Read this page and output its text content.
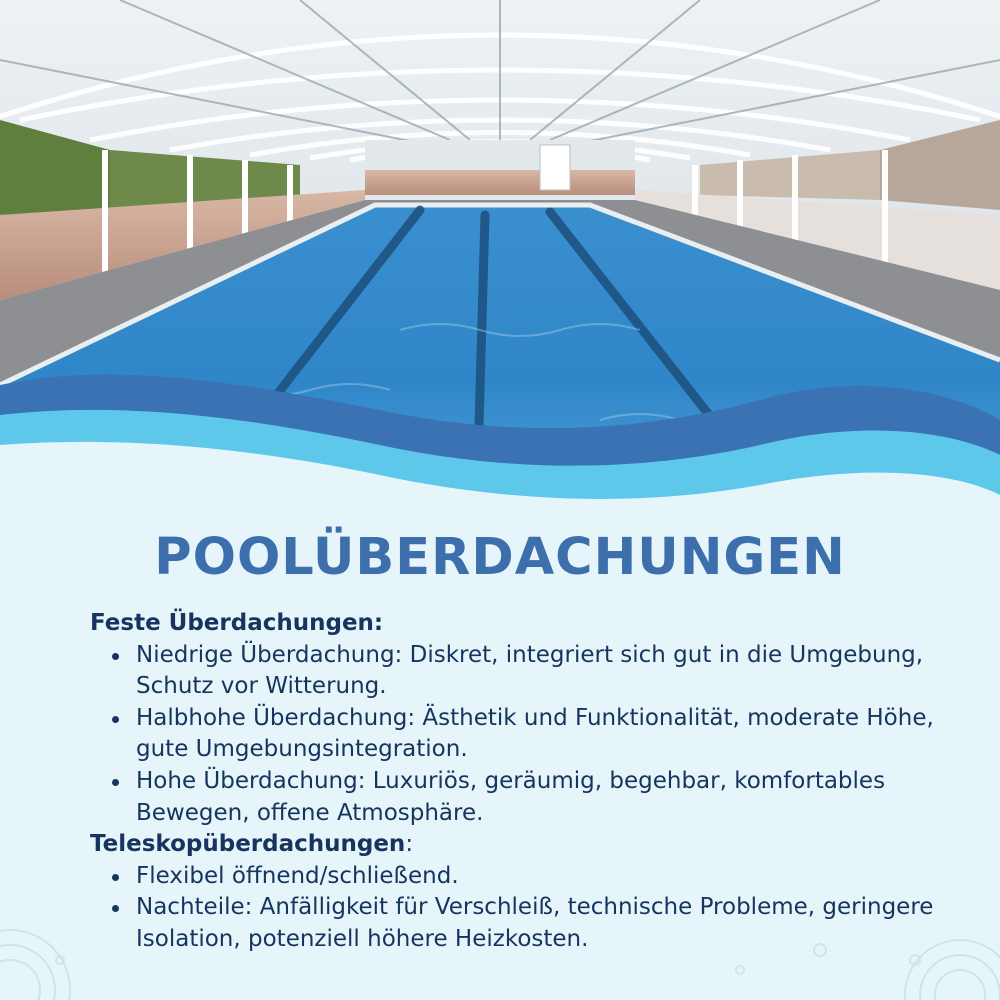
POOLÜBERDACHUNGEN

Feste Überdachungen:

Niedrige Überdachung: Diskret, integriert sich gut in die Umgebung, Schutz vor Witterung.
Halbhohe Überdachung: Ästhetik und Funktionalität, moderate Höhe, gute Umgebungsintegration.
Hohe Überdachung: Luxuriös, geräumig, begehbar, komfortables Bewegen, offene Atmosphäre.

Teleskopüberdachungen:

Flexibel öffnend/schließend.
Nachteile: Anfälligkeit für Verschleiß, technische Probleme, geringere Isolation, potenziell höhere Heizkosten.
